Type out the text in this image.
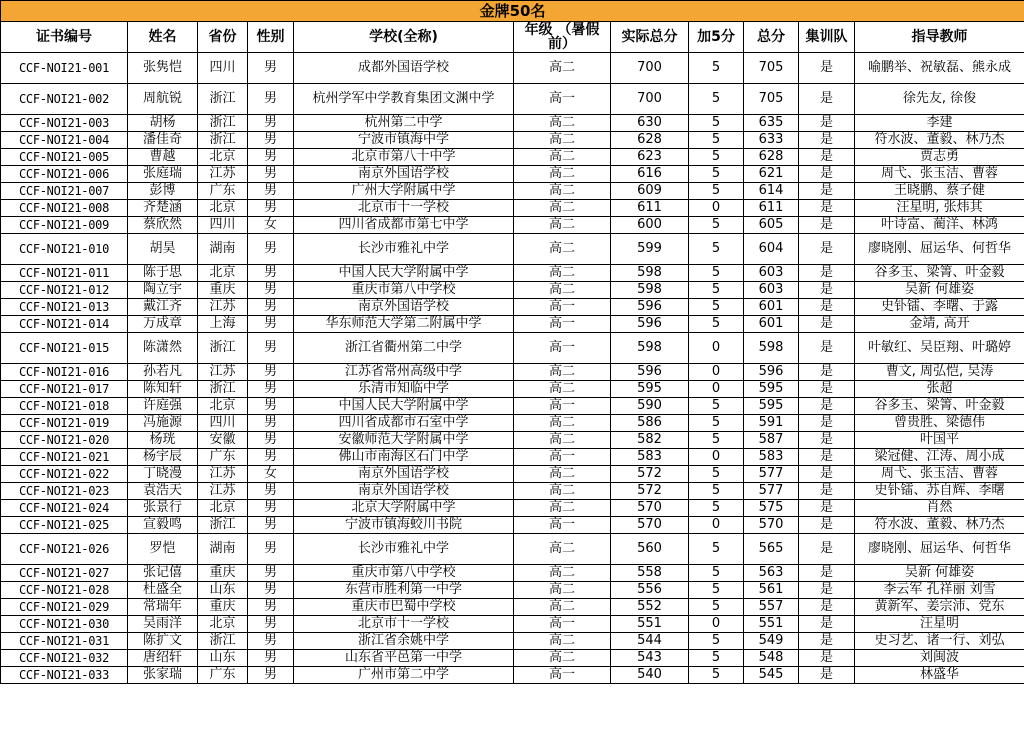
金牌50名										
证书编号	姓名	省份	性别	学校(全称)	年级 （暑假前）	实际总分	加5分	总分	集训队	指导教师
CCF-NOI21-001	张隽恺	四川	男	成都外国语学校	高二	700	5	705	是	喻鹏举、祝敏磊、熊永成
CCF-NOI21-002	周航锐	浙江	男	杭州学军中学教育集团文渊中学	高一	700	5	705	是	徐先友, 徐俊
CCF-NOI21-003	胡杨	浙江	男	杭州第二中学	高二	630	5	635	是	李建
CCF-NOI21-004	潘佳奇	浙江	男	宁波市镇海中学	高二	628	5	633	是	符水波、董毅、林乃杰
CCF-NOI21-005	曹越	北京	男	北京市第八十中学	高二	623	5	628	是	贾志勇
CCF-NOI21-006	张庭瑞	江苏	男	南京外国语学校	高二	616	5	621	是	周弋、张玉洁、曹蓉
CCF-NOI21-007	彭博	广东	男	广州大学附属中学	高二	609	5	614	是	王晓鹏、蔡子健
CCF-NOI21-008	齐楚涵	北京	男	北京市十一学校	高二	611	0	611	是	汪星明, 张炜其
CCF-NOI21-009	蔡欣然	四川	女	四川省成都市第七中学	高二	600	5	605	是	叶诗富、蔺洋、林鸿
CCF-NOI21-010	胡昊	湖南	男	长沙市雅礼中学	高二	599	5	604	是	廖晓刚、屈运华、何哲华
CCF-NOI21-011	陈于思	北京	男	中国人民大学附属中学	高二	598	5	603	是	谷多玉、梁箐、叶金毅
CCF-NOI21-012	陶立宇	重庆	男	重庆市第八中学校	高二	598	5	603	是	吴新 何雄姿
CCF-NOI21-013	戴江齐	江苏	男	南京外国语学校	高一	596	5	601	是	史钋镭、李曙、于露
CCF-NOI21-014	万成章	上海	男	华东师范大学第二附属中学	高一	596	5	601	是	金靖, 高开
CCF-NOI21-015	陈潇然	浙江	男	浙江省衢州第二中学	高一	598	0	598	是	叶敏红、吴臣翔、叶璐婷
CCF-NOI21-016	孙若凡	江苏	男	江苏省常州高级中学	高二	596	0	596	是	曹文, 周弘恺, 吴涛
CCF-NOI21-017	陈知轩	浙江	男	乐清市知临中学	高二	595	0	595	是	张超
CCF-NOI21-018	许庭强	北京	男	中国人民大学附属中学	高一	590	5	595	是	谷多玉、梁箐、叶金毅
CCF-NOI21-019	冯施源	四川	男	四川省成都市石室中学	高二	586	5	591	是	曾贵胜、梁德伟
CCF-NOI21-020	杨珖	安徽	男	安徽师范大学附属中学	高二	582	5	587	是	叶国平
CCF-NOI21-021	杨宇辰	广东	男	佛山市南海区石门中学	高一	583	0	583	是	梁冠健、江涛、周小成
CCF-NOI21-022	丁晓漫	江苏	女	南京外国语学校	高二	572	5	577	是	周弋、张玉洁、曹蓉
CCF-NOI21-023	袁浩天	江苏	男	南京外国语学校	高二	572	5	577	是	史钋镭、苏自辉、李曙
CCF-NOI21-024	张景行	北京	男	北京大学附属中学	高二	570	5	575	是	肖然
CCF-NOI21-025	宣毅鸣	浙江	男	宁波市镇海蛟川书院	高一	570	0	570	是	符水波、董毅、林乃杰
CCF-NOI21-026	罗恺	湖南	男	长沙市雅礼中学	高二	560	5	565	是	廖晓刚、屈运华、何哲华
CCF-NOI21-027	张记僖	重庆	男	重庆市第八中学校	高二	558	5	563	是	吴新 何雄姿
CCF-NOI21-028	杜盛全	山东	男	东营市胜利第一中学	高二	556	5	561	是	李云军 孔祥丽 刘雪
CCF-NOI21-029	常瑞年	重庆	男	重庆市巴蜀中学校	高二	552	5	557	是	黄新军、姜宗沛、党东
CCF-NOI21-030	吴雨洋	北京	男	北京市十一学校	高一	551	0	551	是	汪星明
CCF-NOI21-031	陈扩文	浙江	男	浙江省余姚中学	高二	544	5	549	是	史习艺、诸一行、刘弘
CCF-NOI21-032	唐绍轩	山东	男	山东省平邑第一中学	高二	543	5	548	是	刘闽波
CCF-NOI21-033	张家瑞	广东	男	广州市第二中学	高一	540	5	545	是	林盛华
